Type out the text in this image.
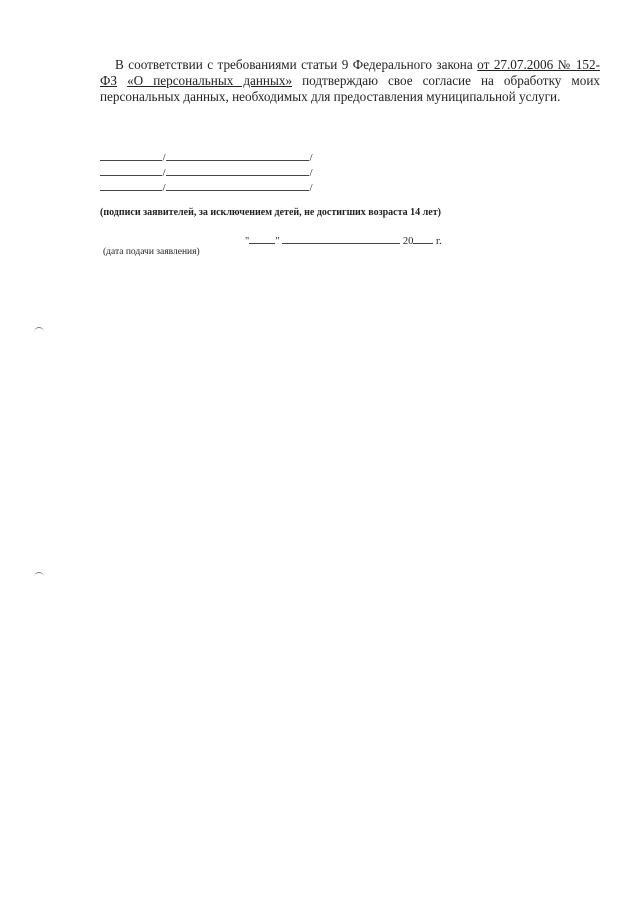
В соответствии с требованиями статьи 9 Федерального закона от 27.07.2006 № 152-ФЗ «О персональных данных» подтверждаю свое согласие на обработку моих персональных данных, необходимых для предоставления муниципальной услуги.

/	/
/	/
/	/
(подписи заявителей, за исключением детей, не достигших возраста 14 лет)
" "	20 г.
(дата подачи заявления)
